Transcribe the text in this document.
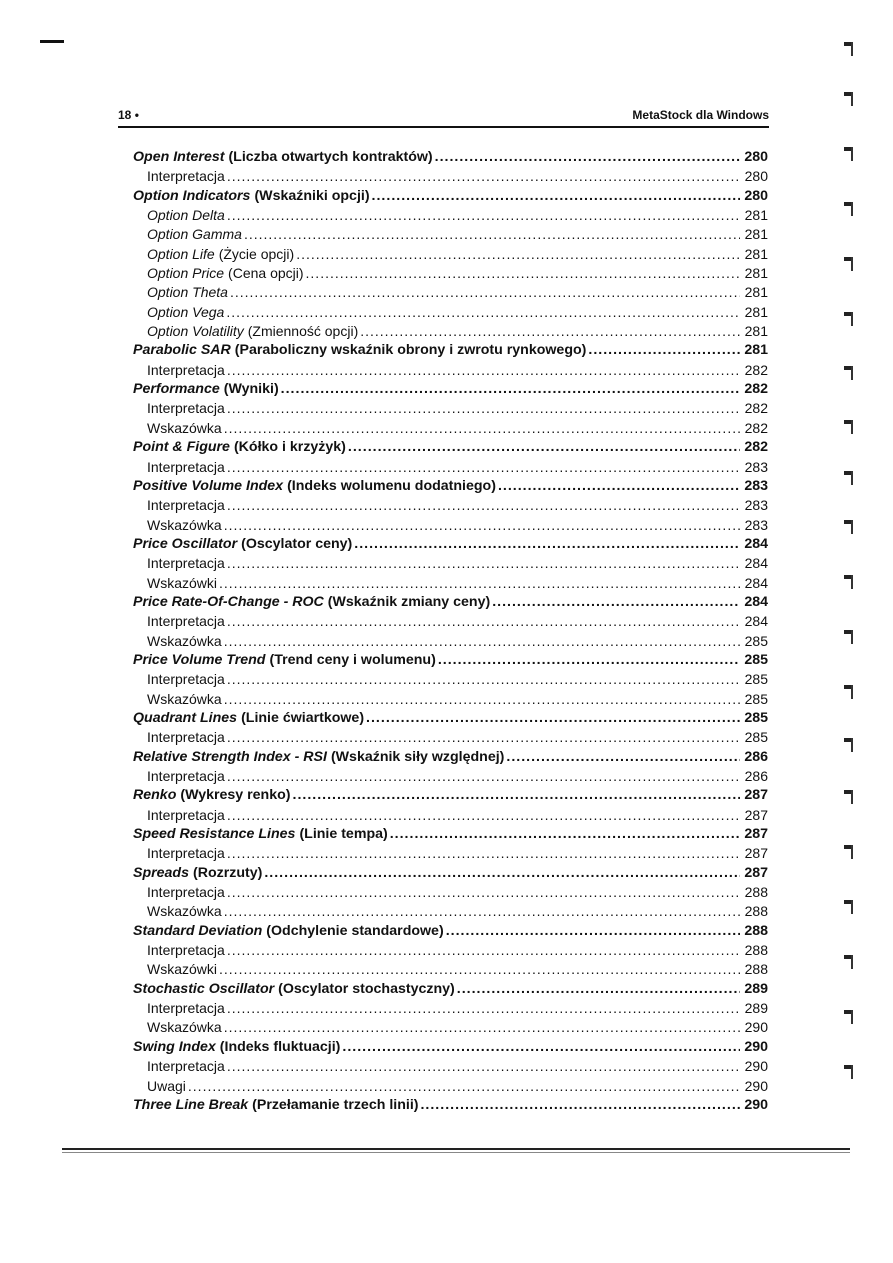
18 •	MetaStock dla Windows
Open Interest (Liczba otwartych kontraktów) .....	280
Interpretacja .....	280
Option Indicators (Wskaźniki opcji) .....	280
Option Delta .....	281
Option Gamma .....	281
Option Life (Życie opcji) .....	281
Option Price (Cena opcji) .....	281
Option Theta .....	281
Option Vega .....	281
Option Volatility (Zmienność opcji) .....	281
Parabolic SAR (Paraboliczny wskaźnik obrony i zwrotu rynkowego) .....	281
Interpretacja .....	282
Performance (Wyniki) .....	282
Interpretacja .....	282
Wskazówka .....	282
Point & Figure (Kółko i krzyżyk) .....	282
Interpretacja .....	283
Positive Volume Index (Indeks wolumenu dodatniego) .....	283
Interpretacja .....	283
Wskazówka .....	283
Price Oscillator (Oscylator ceny) .....	284
Interpretacja .....	284
Wskazówki .....	284
Price Rate-Of-Change - ROC (Wskaźnik zmiany ceny) .....	284
Interpretacja .....	284
Wskazówka .....	285
Price Volume Trend (Trend ceny i wolumenu) .....	285
Interpretacja .....	285
Wskazówka .....	285
Quadrant Lines (Linie ćwiartkowe) .....	285
Interpretacja .....	285
Relative Strength Index - RSI (Wskaźnik siły względnej) .....	286
Interpretacja .....	286
Renko (Wykresy renko) .....	287
Interpretacja .....	287
Speed Resistance Lines (Linie tempa) .....	287
Interpretacja .....	287
Spreads (Rozrzuty) .....	287
Interpretacja .....	288
Wskazówka .....	288
Standard Deviation (Odchylenie standardowe) .....	288
Interpretacja .....	288
Wskazówki .....	288
Stochastic Oscillator (Oscylator stochastyczny) .....	289
Interpretacja .....	289
Wskazówka .....	290
Swing Index (Indeks fluktuacji) .....	290
Interpretacja .....	290
Uwagi .....	290
Three Line Break (Przełamanie trzech linii) .....	290
